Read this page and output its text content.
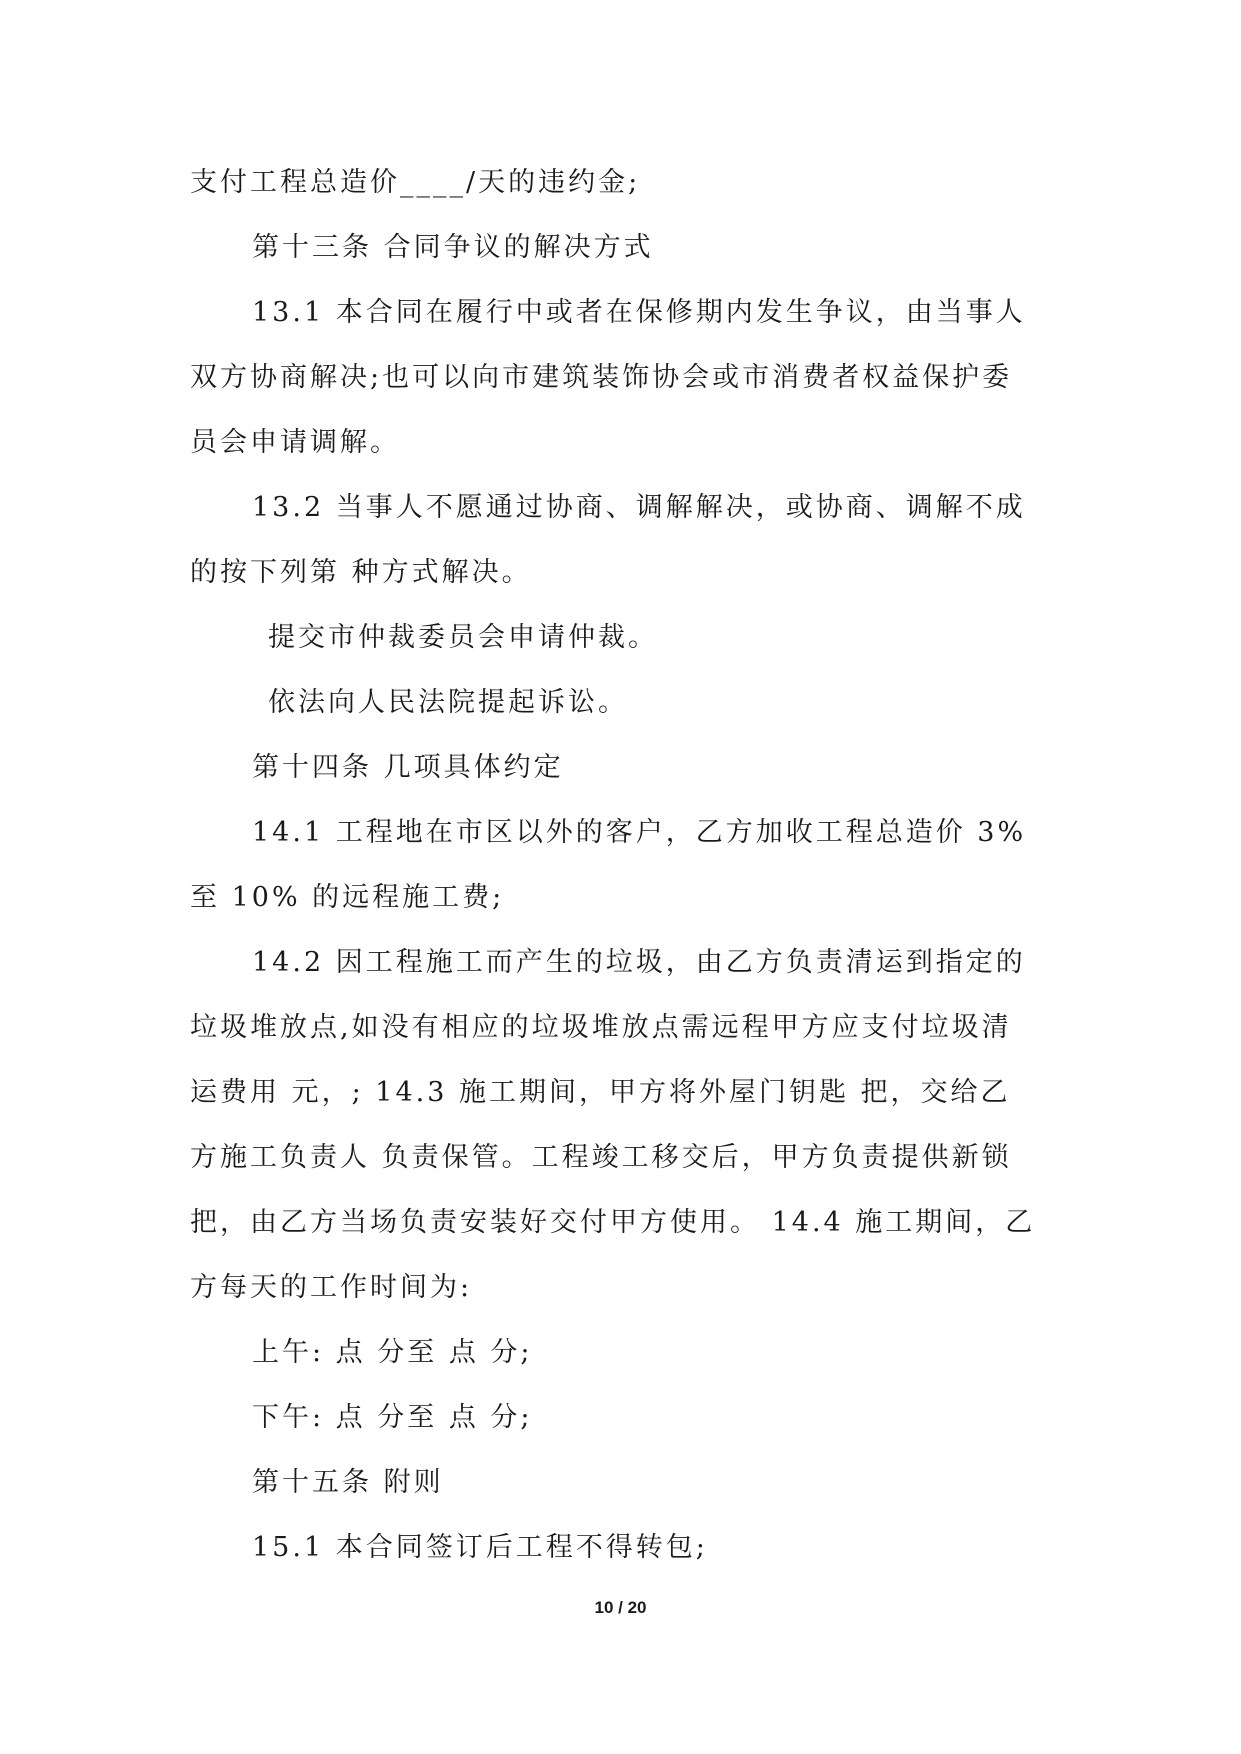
支付工程总造价____/天的违约金;
第十三条 合同争议的解决方式
13.1 本合同在履行中或者在保修期内发生争议，由当事人
双方协商解决;也可以向市建筑装饰协会或市消费者权益保护委
员会申请调解。
13.2 当事人不愿通过协商、调解解决，或协商、调解不成
的按下列第 种方式解决。
提交市仲裁委员会申请仲裁。
依法向人民法院提起诉讼。
第十四条 几项具体约定
14.1 工程地在市区以外的客户，乙方加收工程总造价 3%
至 10% 的远程施工费;
14.2 因工程施工而产生的垃圾，由乙方负责清运到指定的
垃圾堆放点,如没有相应的垃圾堆放点需远程甲方应支付垃圾清
运费用 元，; 14.3 施工期间，甲方将外屋门钥匙 把，交给乙
方施工负责人 负责保管。工程竣工移交后，甲方负责提供新锁
把，由乙方当场负责安装好交付甲方使用。 14.4 施工期间，乙
方每天的工作时间为:
上午: 点 分至 点 分;
下午: 点 分至 点 分;
第十五条 附则
15.1 本合同签订后工程不得转包;
10 / 20
